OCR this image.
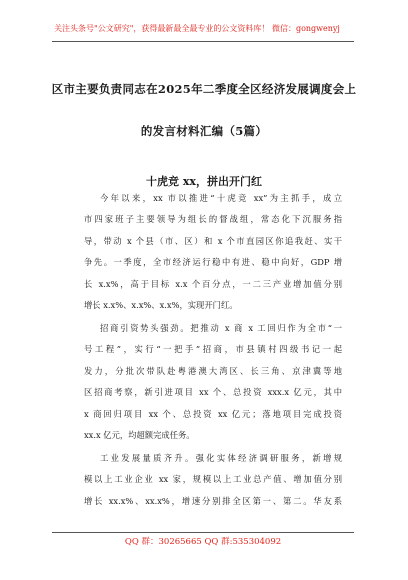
关注头条号"公文研究"，获得最新最全最专业的公文资料库！ 微信：gongwenyj
区市主要负责同志在2025年二季度全区经济发展调度会上
的发言材料汇编（5篇）
十虎竞 xx，拼出开门红
今年以来，xx 市以推进“十虎竞 xx”为主抓手，成立
市四家班子主要领导为组长的督战组，常态化下沉服务指
导，带动 x 个县（市、区）和 x 个市直园区你追我赶、实干
争先。一季度，全市经济运行稳中有进、稳中向好，GDP 增
长 x.x%，高于目标 x.x 个百分点，一二三产业增加值分别
增长 x.x%、x.x%、x.x%，实现开门红。
招商引资势头强劲。把推动 x 商 x 工回归作为全市“一
号工程”，实行“一把手”招商，市县镇村四级书记一起
发力，分批次带队赴粤港澳大湾区、长三角、京津冀等地
区招商考察，新引进项目 xx 个、总投资 xxx.x 亿元，其中
x 商回归项目 xx 个、总投资 xx 亿元；落地项目完成投资
xx.x 亿元，均超额完成任务。
工业发展量质齐升。强化实体经济调研服务，新增规
模以上工业企业 xx 家，规模以上工业总产值、增加值分别
增长 xx.x%、xx.x%，增速分别排全区第一、第二。华友系
QQ 群：30265665 QQ 群:535304092
